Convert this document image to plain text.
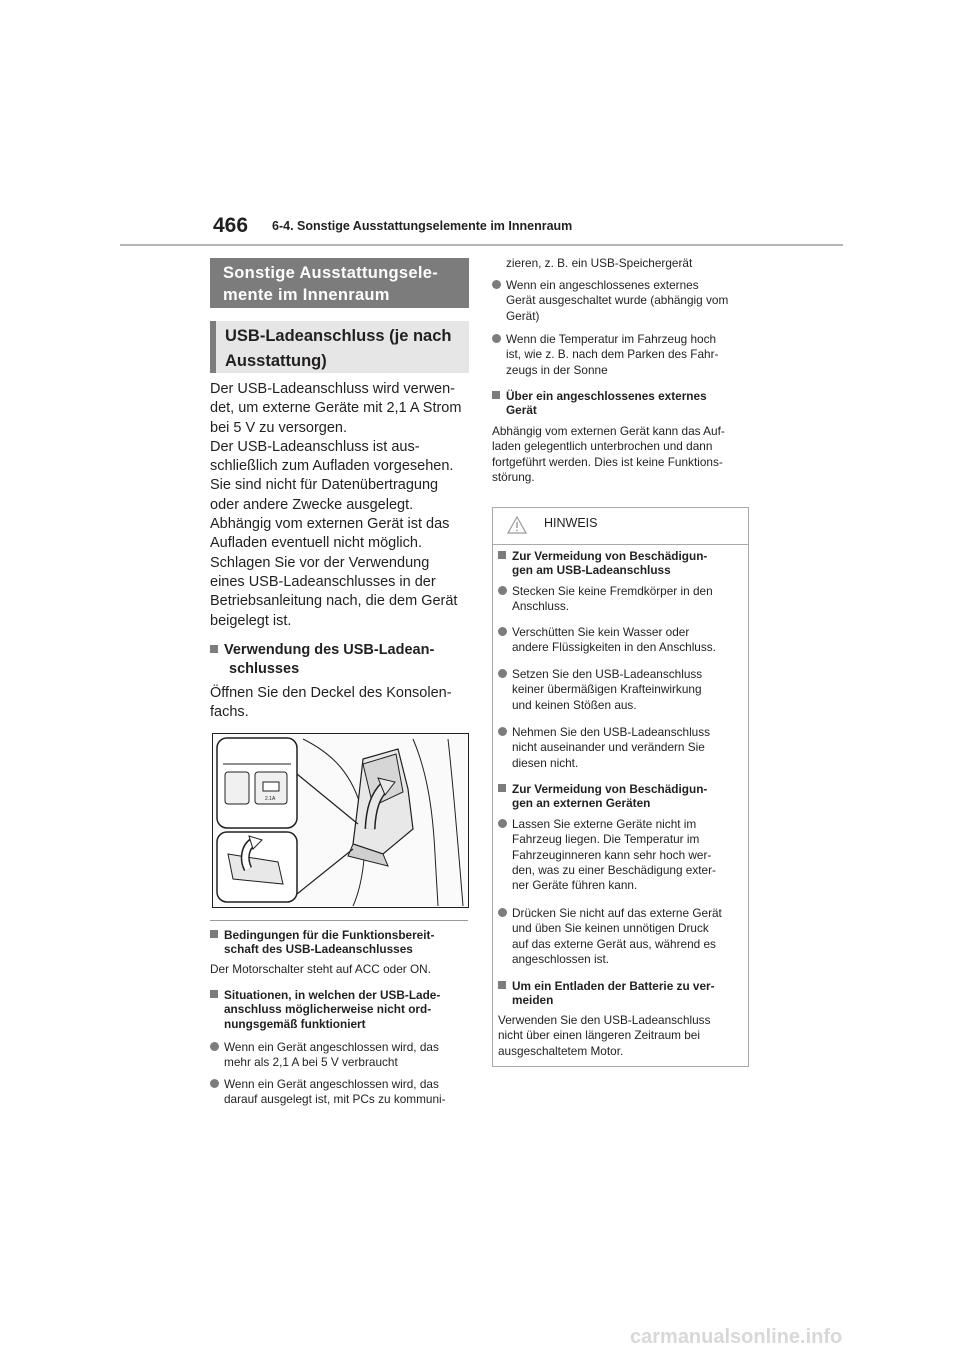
466 6-4. Sonstige Ausstattungselemente im Innenraum
Sonstige Ausstattungsele-mente im Innenraum
USB-Ladeanschluss (je nach Ausstattung)

Der USB-Ladeanschluss wird verwen-

det, um externe Geräte mit 2,1 A Strom

bei 5 V zu versorgen.

Der USB-Ladeanschluss ist aus-

schließlich zum Aufladen vorgesehen.

Sie sind nicht für Datenübertragung

oder andere Zwecke ausgelegt.

Abhängig vom externen Gerät ist das

Aufladen eventuell nicht möglich.

Schlagen Sie vor der Verwendung

eines USB-Ladeanschlusses in der

Betriebsanleitung nach, die dem Gerät

beigelegt ist.

Verwendung des USB-Ladean-
schlusses
Öffnen Sie den Deckel des Konsolen-
fachs.
2.1A
Bedingungen für die Funktionsbereit-
schaft des USB-Ladeanschlusses
Der Motorschalter steht auf ACC oder ON.
Situationen, in welchen der USB-Lade-
anschluss möglicherweise nicht ord-
nungsgemäß funktioniert
Wenn ein Gerät angeschlossen wird, das
mehr als 2,1 A bei 5 V verbraucht
Wenn ein Gerät angeschlossen wird, das
darauf ausgelegt ist, mit PCs zu kommuni-
zieren, z. B. ein USB-Speichergerät
Wenn ein angeschlossenes externes
Gerät ausgeschaltet wurde (abhängig vom
Gerät)
Wenn die Temperatur im Fahrzeug hoch
ist, wie z. B. nach dem Parken des Fahr-
zeugs in der Sonne
Über ein angeschlossenes externes
Gerät
Abhängig vom externen Gerät kann das Auf-
laden gelegentlich unterbrochen und dann
fortgeführt werden. Dies ist keine Funktions-
störung.
HINWEIS
Zur Vermeidung von Beschädigun-
gen am USB-Ladeanschluss
Stecken Sie keine Fremdkörper in den
Anschluss.
Verschütten Sie kein Wasser oder
andere Flüssigkeiten in den Anschluss.
Setzen Sie den USB-Ladeanschluss
keiner übermäßigen Krafteinwirkung
und keinen Stößen aus.
Nehmen Sie den USB-Ladeanschluss
nicht auseinander und verändern Sie
diesen nicht.
Zur Vermeidung von Beschädigun-
gen an externen Geräten
Lassen Sie externe Geräte nicht im
Fahrzeug liegen. Die Temperatur im
Fahrzeuginneren kann sehr hoch wer-
den, was zu einer Beschädigung exter-
ner Geräte führen kann.
Drücken Sie nicht auf das externe Gerät
und üben Sie keinen unnötigen Druck
auf das externe Gerät aus, während es
angeschlossen ist.
Um ein Entladen der Batterie zu ver-
meiden
Verwenden Sie den USB-Ladeanschluss
nicht über einen längeren Zeitraum bei
ausgeschaltetem Motor.
carmanualsonline.info
